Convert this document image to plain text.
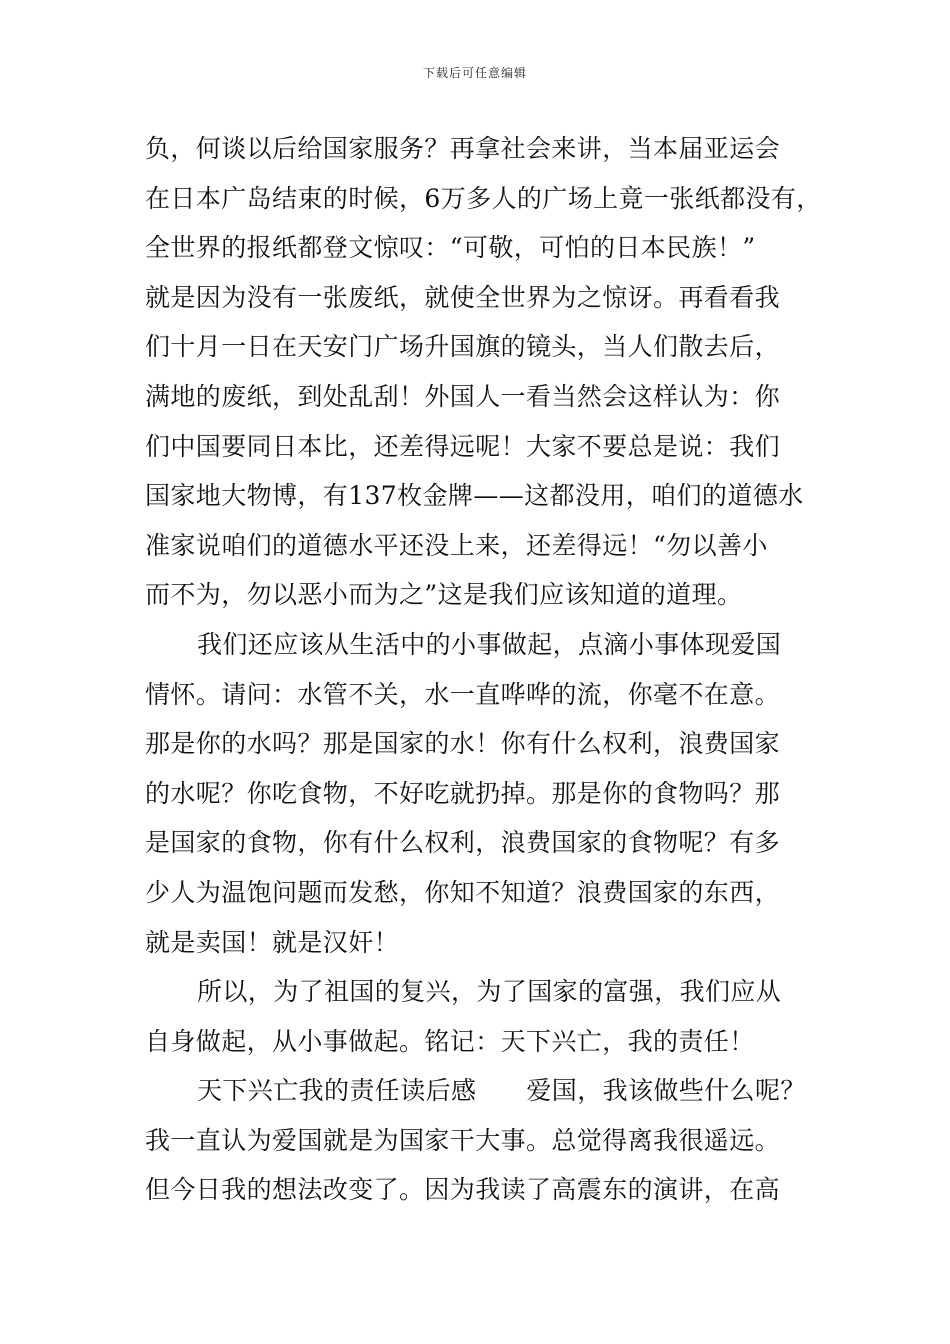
下载后可任意编辑
负，何谈以后给国家服务？再拿社会来讲，当本届亚运会
在日本广岛结束的时候，6万多人的广场上竟一张纸都没有，
全世界的报纸都登文惊叹：“可敬，可怕的日本民族！”
就是因为没有一张废纸，就使全世界为之惊讶。再看看我
们十月一日在天安门广场升国旗的镜头，当人们散去后，
满地的废纸，到处乱刮！外国人一看当然会这样认为：你
们中国要同日本比，还差得远呢！大家不要总是说：我们
国家地大物博，有137枚金牌——这都没用，咱们的道德水
准家说咱们的道德水平还没上来，还差得远！“勿以善小
而不为，勿以恶小而为之”这是我们应该知道的道理。
我们还应该从生活中的小事做起，点滴小事体现爱国
情怀。请问：水管不关，水一直哗哗的流，你毫不在意。
那是你的水吗？那是国家的水！你有什么权利，浪费国家
的水呢？你吃食物，不好吃就扔掉。那是你的食物吗？那
是国家的食物，你有什么权利，浪费国家的食物呢？有多
少人为温饱问题而发愁，你知不知道？浪费国家的东西，
就是卖国！就是汉奸！
所以，为了祖国的复兴，为了国家的富强，我们应从
自身做起，从小事做起。铭记：天下兴亡，我的责任！
天下兴亡我的责任读后感 爱国，我该做些什么呢？
我一直认为爱国就是为国家干大事。总觉得离我很遥远。
但今日我的想法改变了。因为我读了高震东的演讲，在高
